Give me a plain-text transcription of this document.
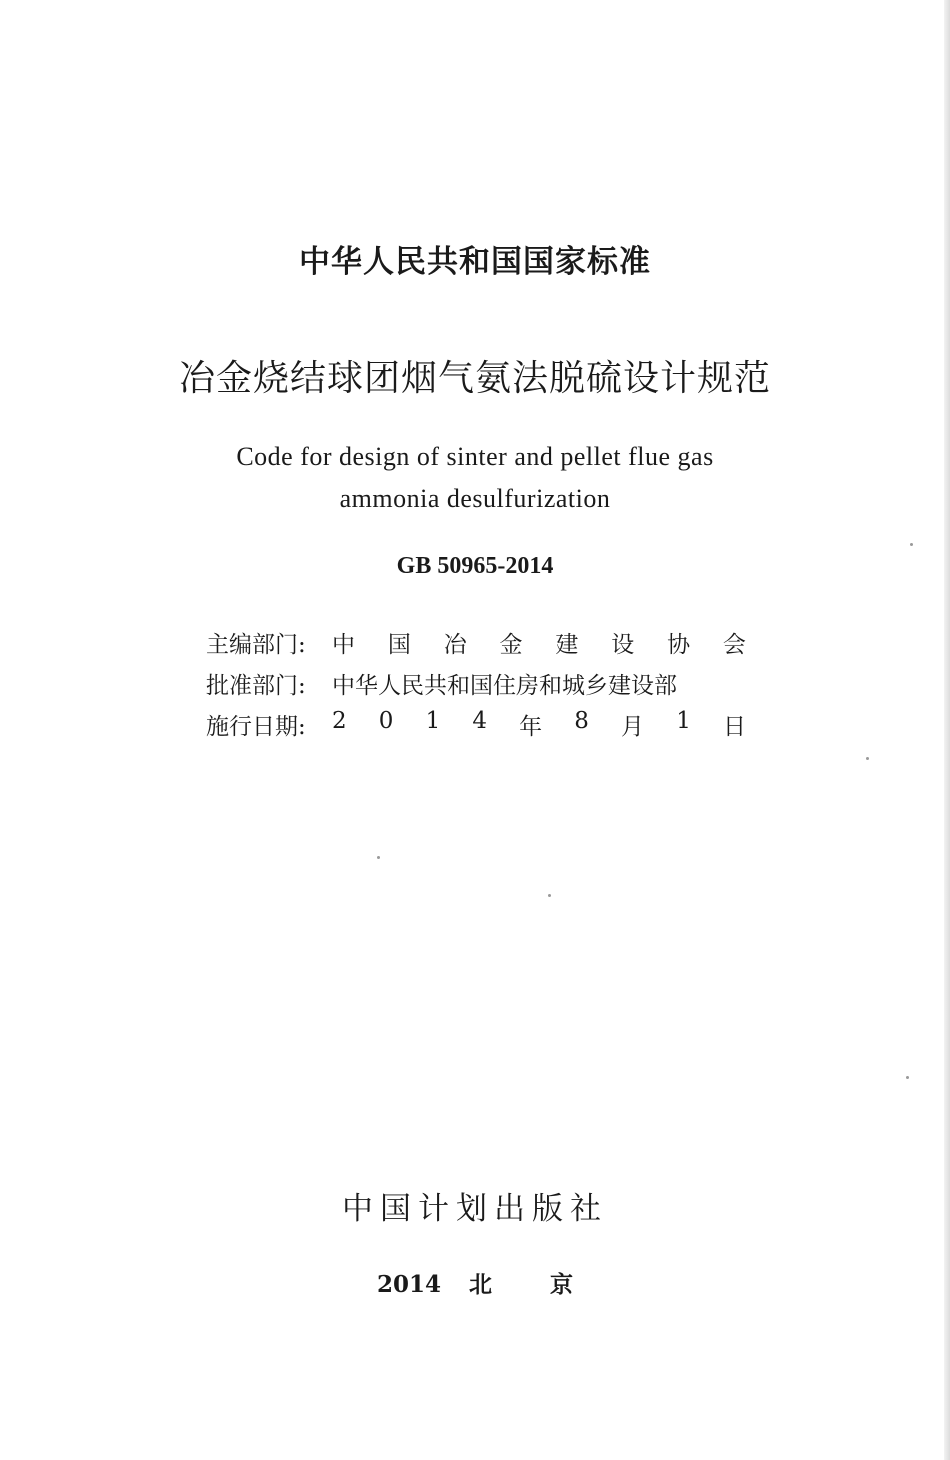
中华人民共和国国家标准
冶金烧结球团烟气氨法脱硫设计规范
Code for design of sinter and pellet flue gas
ammonia desulfurization
GB 50965-2014
主编部门:	中 国 冶 金 建 设 协 会
批准部门:	中华人民共和国住房和城乡建设部
施行日期:	2 0 1 4 年 8 月 1 日
中国计划出版社
2014 北	京
